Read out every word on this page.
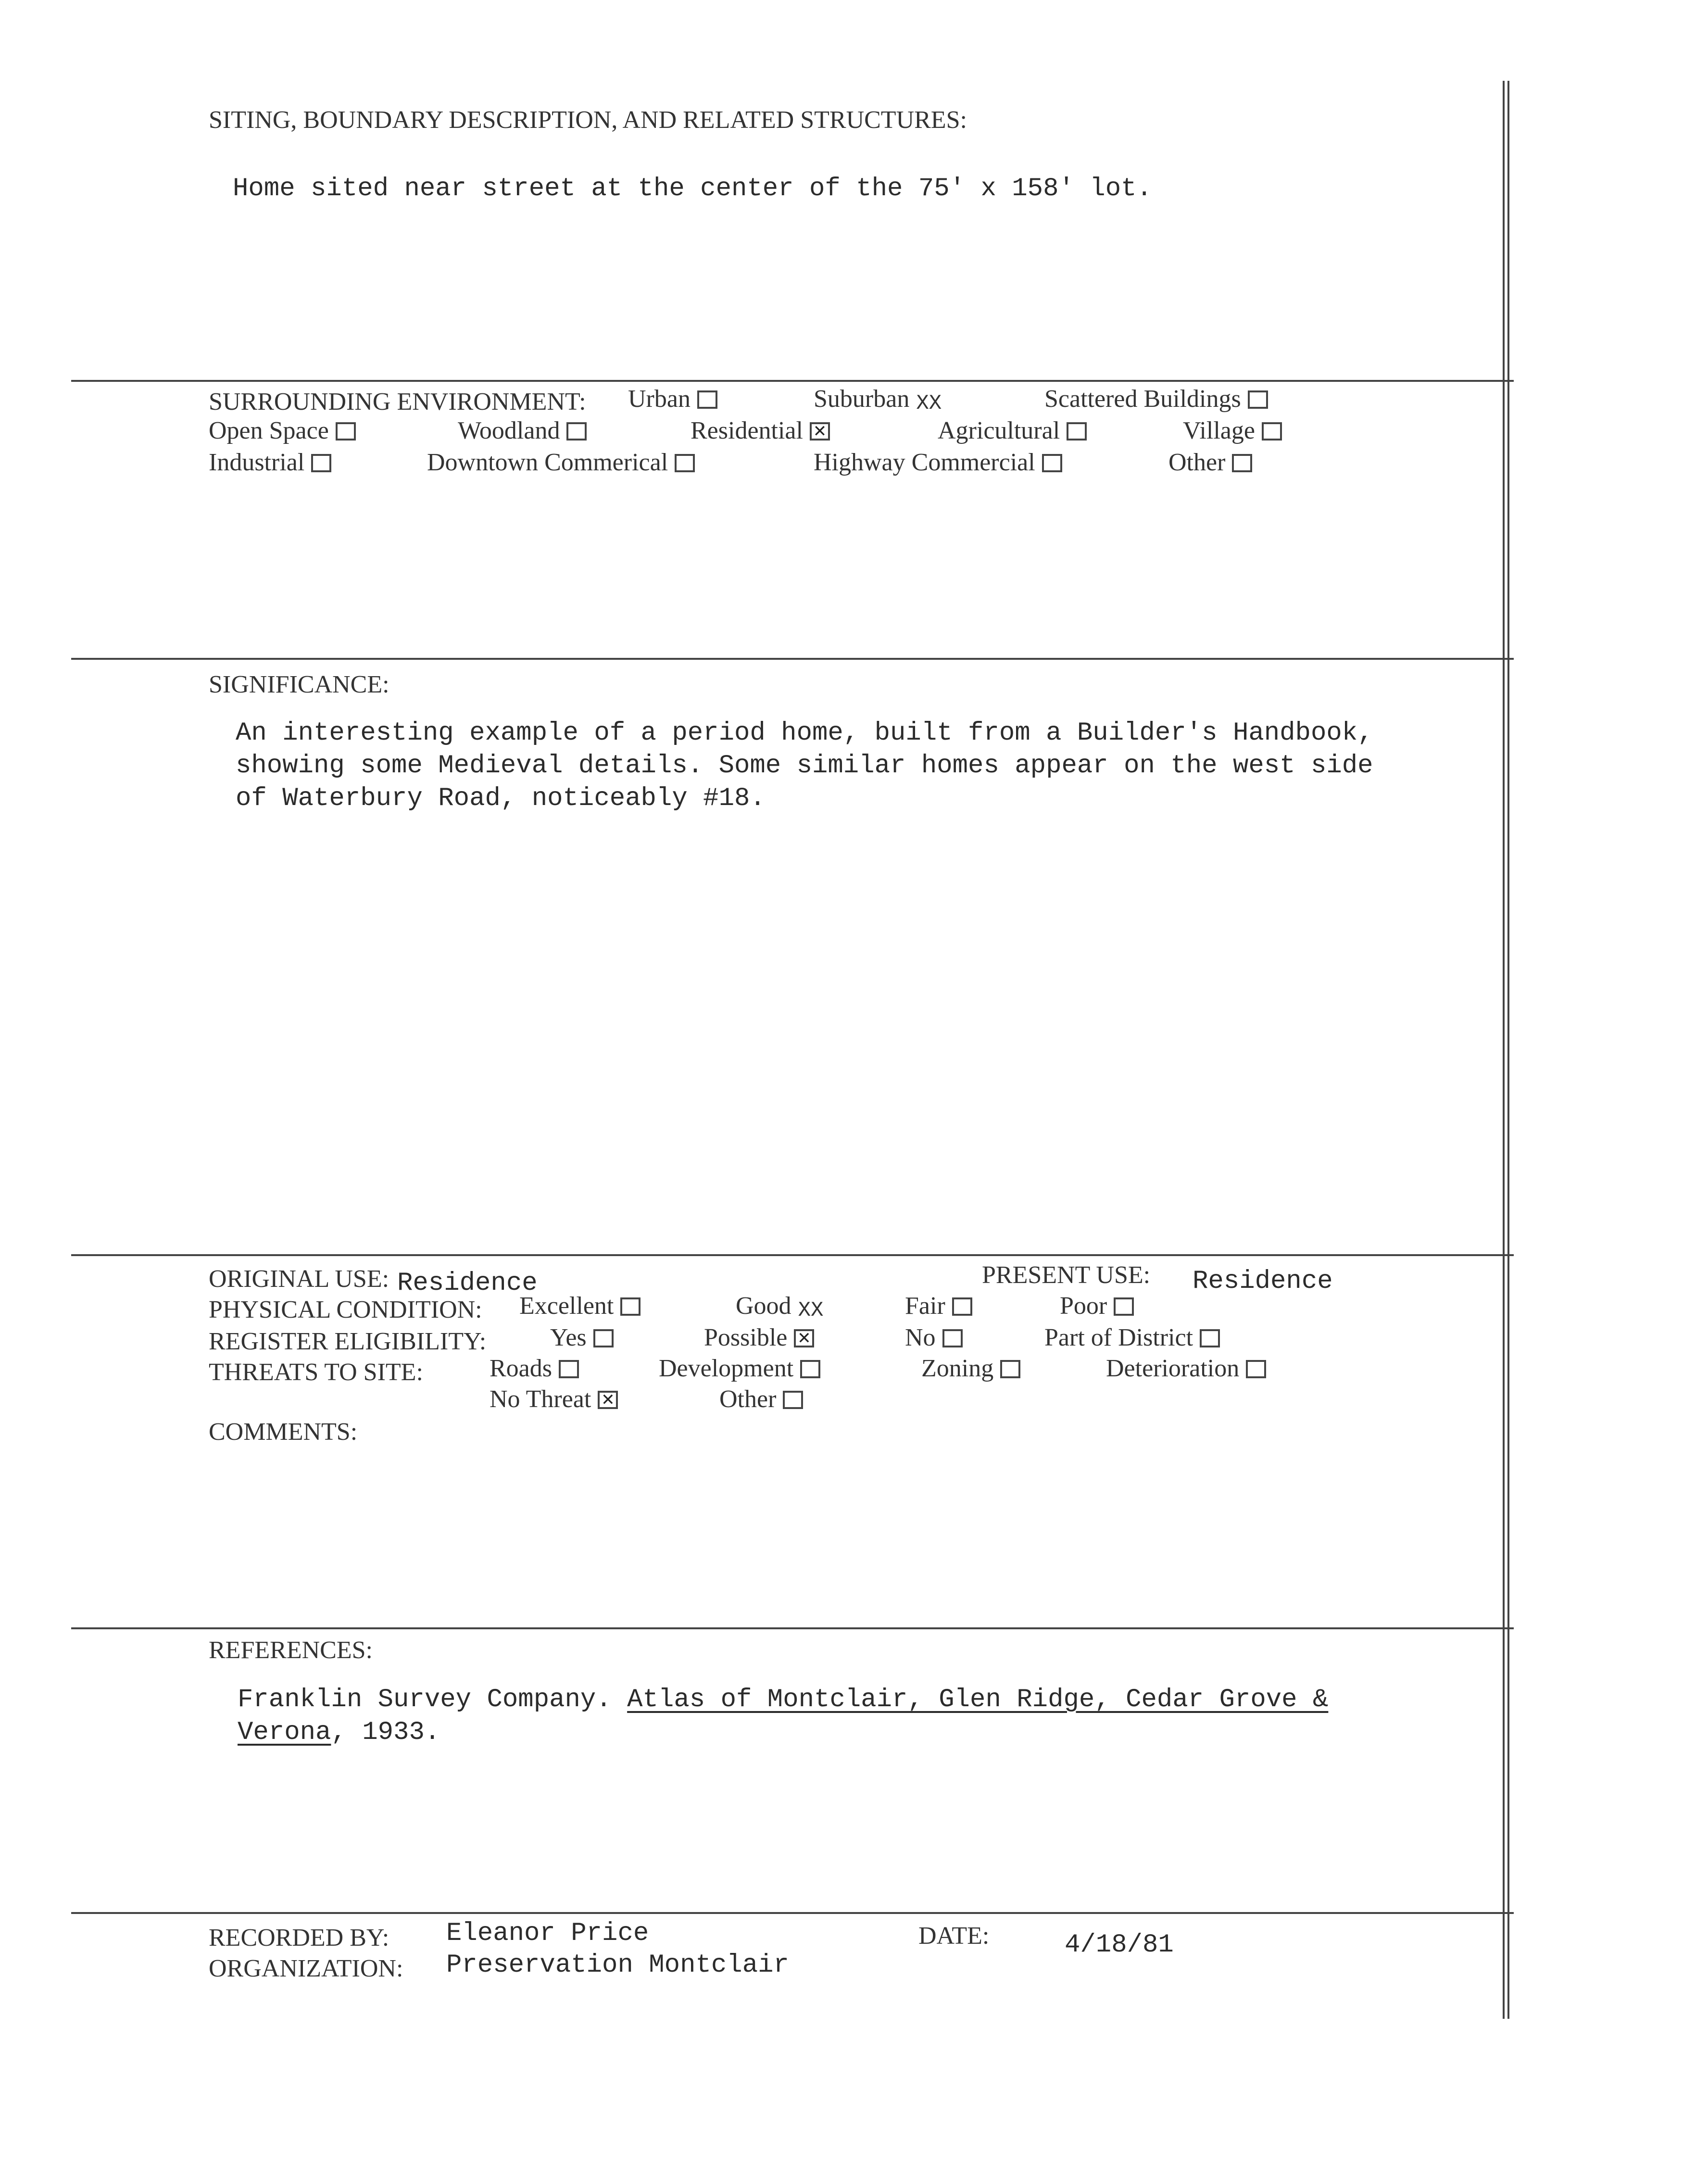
SITING, BOUNDARY DESCRIPTION, AND RELATED STRUCTURES:
Home sited near street at the center of the 75' x 158' lot.
SURROUNDING ENVIRONMENT: Urban	Suburban XX	Scattered Buildings
Open Space	Woodland	Residential ✕	Agricultural	Village
Industrial	Downtown Commerical	Highway Commercial	Other
SIGNIFICANCE:
An interesting example of a period home, built from a Builder's Handbook,
showing some Medieval details. Some similar homes appear on the west side
of Waterbury Road, noticeably #18.
ORIGINAL USE: Residence	PRESENT USE: Residence
PHYSICAL CONDITION: Excellent	Good XX	Fair	Poor
REGISTER ELIGIBILITY:	Yes	Possible ✕	No	Part of District
THREATS TO SITE:	Roads	Development	Zoning	Deterioration
No Threat ✕	Other
COMMENTS:
REFERENCES:
Franklin Survey Company. Atlas of Montclair, Glen Ridge, Cedar Grove &
Verona, 1933.
RECORDED BY: Eleanor Price
ORGANIZATION: Preservation Montclair
DATE:	4/18/81
